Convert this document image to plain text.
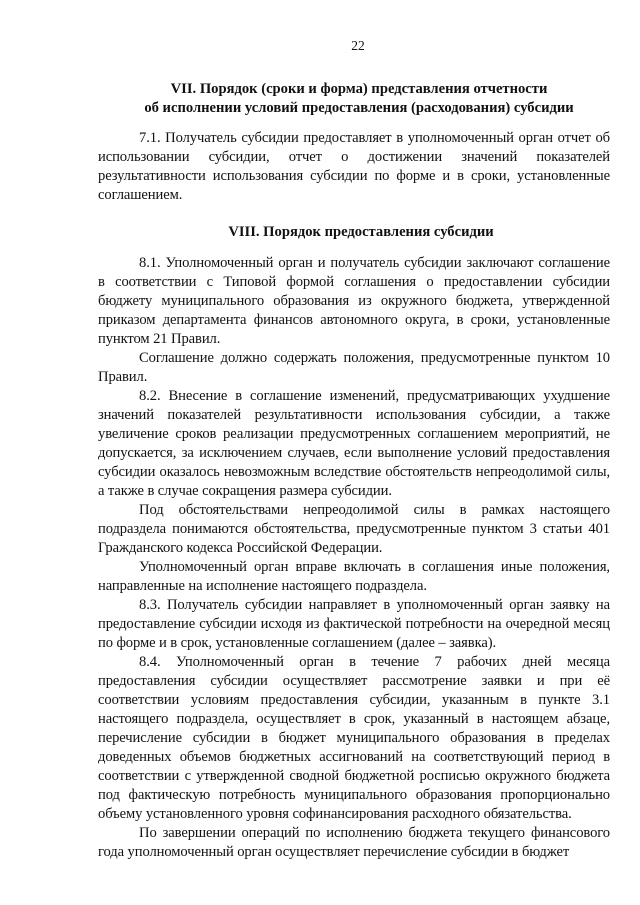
22
VII. Порядок (сроки и форма) представления отчетности
об исполнении условий предоставления (расходования) субсидии

7.1. Получатель субсидии предоставляет в уполномоченный орган отчет об использовании субсидии, отчет о достижении значений показателей результативности использования субсидии по форме и в сроки, установленные соглашением.

VIII. Порядок предоставления субсидии

8.1. Уполномоченный орган и получатель субсидии заключают соглашение в соответствии с Типовой формой соглашения о предоставлении субсидии бюджету муниципального образования из окружного бюджета, утвержденной приказом департамента финансов автономного округа, в сроки, установленные пунктом 21 Правил.

Соглашение должно содержать положения, предусмотренные пунктом 10 Правил.

8.2. Внесение в соглашение изменений, предусматривающих ухудшение значений показателей результативности использования субсидии, а также увеличение сроков реализации предусмотренных соглашением мероприятий, не допускается, за исключением случаев, если выполнение условий предоставления субсидии оказалось невозможным вследствие обстоятельств непреодолимой силы, а также в случае сокращения размера субсидии.

Под обстоятельствами непреодолимой силы в рамках настоящего подраздела понимаются обстоятельства, предусмотренные пунктом 3 статьи 401 Гражданского кодекса Российской Федерации.

Уполномоченный орган вправе включать в соглашения иные положения, направленные на исполнение настоящего подраздела.

8.3. Получатель субсидии направляет в уполномоченный орган заявку на предоставление субсидии исходя из фактической потребности на очередной месяц по форме и в срок, установленные соглашением (далее – заявка).

8.4. Уполномоченный орган в течение 7 рабочих дней месяца предоставления субсидии осуществляет рассмотрение заявки и при её соответствии условиям предоставления субсидии, указанным в пункте 3.1 настоящего подраздела, осуществляет в срок, указанный в настоящем абзаце, перечисление субсидии в бюджет муниципального образования в пределах доведенных объемов бюджетных ассигнований на соответствующий период в соответствии с утвержденной сводной бюджетной росписью окружного бюджета под фактическую потребность муниципального образования пропорционально объему установленного уровня софинансирования расходного обязательства.

По завершении операций по исполнению бюджета текущего финансового года уполномоченный орган осуществляет перечисление субсидии в бюджет
